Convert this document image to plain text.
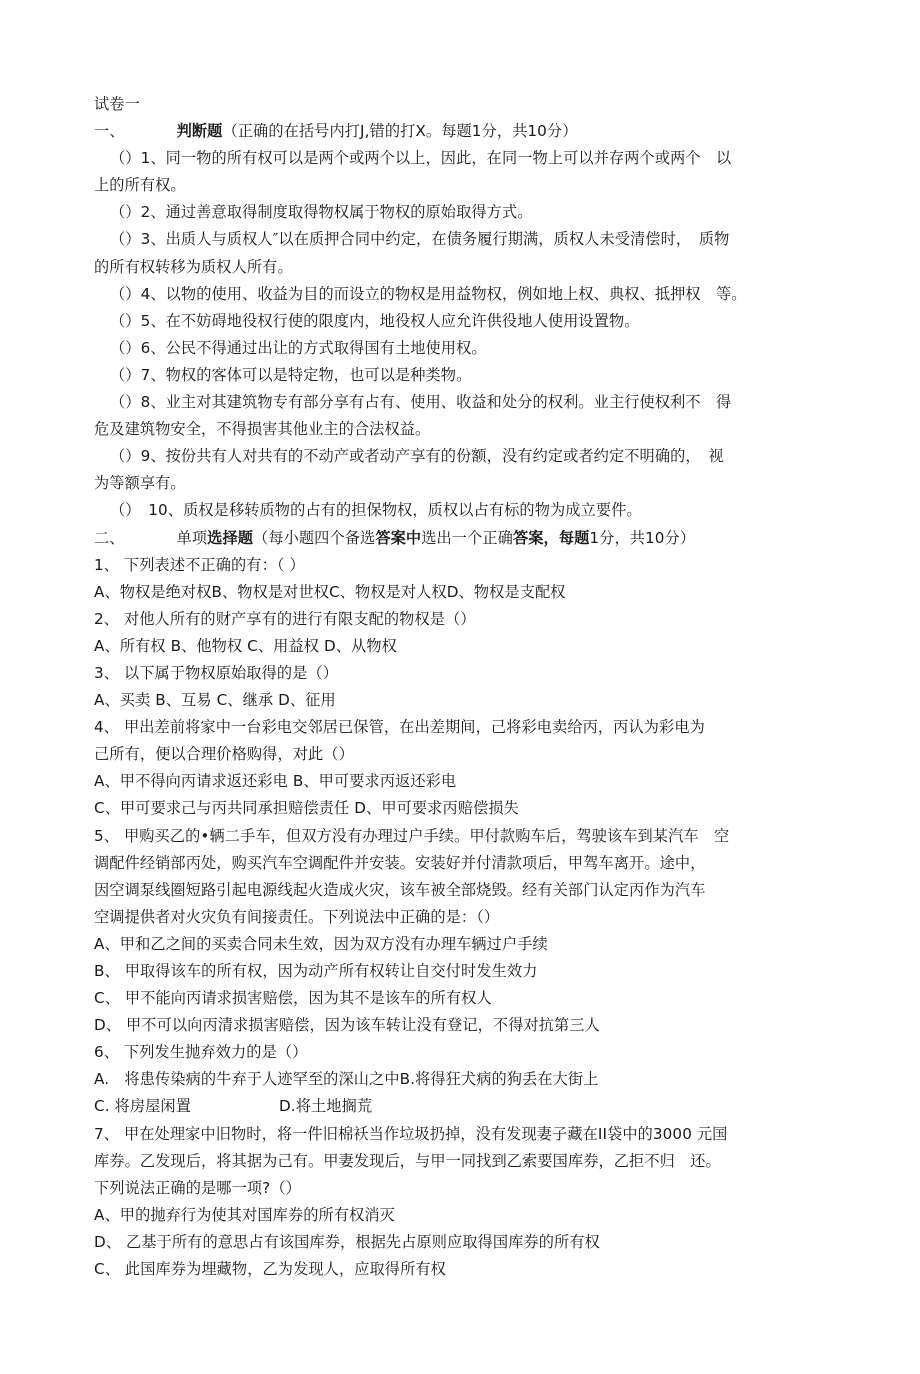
试卷一
一、	判断题（正确的在括号内打J,错的打X。每题1分，共10分）
（）1、同一物的所有权可以是两个或两个以上，因此，在同一物上可以并存两个或两个　以
上的所有权。
（）2、通过善意取得制度取得物权属于物权的原始取得方式。
（）3、出质人与质权人″以在质押合同中约定，在债务履行期满，质权人未受清偿时，　质物
的所有权转移为质权人所有。
（）4、以物的使用、收益为目的而设立的物权是用益物权，例如地上权、典权、抵押权　等。
（）5、在不妨碍地役权行使的限度内，地役权人应允许供役地人使用设置物。
（）6、公民不得通过出让的方式取得国有土地使用权。
（）7、物权的客体可以是特定物，也可以是种类物。
（）8、业主对其建筑物专有部分享有占有、使用、收益和处分的权利。业主行使权利不　得
危及建筑物安全，不得损害其他业主的合法权益。
（）9、按份共有人对共有的不动产或者动产享有的份额，没有约定或者约定不明确的，　视
为等额享有。
（）　10、质权是移转质物的占有的担保物权，质权以占有标的物为成立要件。
二、	单项选择题（每小题四个备选答案中选出一个正确答案，每题1分，共10分）
1、 下列表述不正确的有：（ ）
A、物权是绝对权B、物权是对世权C、物权是对人权D、物权是支配权
2、 对他人所有的财产享有的进行有限支配的物权是（）
A、所有权 B、他物权 C、用益权 D、从物权
3、 以下属于物权原始取得的是（）
A、买卖 B、互易 C、继承 D、征用
4、 甲出差前将家中一台彩电交邻居已保管，在出差期间，己将彩电卖给丙，丙认为彩电为
己所有，便以合理价格购得，对此（）
A、甲不得向丙请求返还彩电 B、甲可要求丙返还彩电
C、甲可要求己与丙共同承担赔偿责任 D、甲可要求丙赔偿损失
5、 甲购买乙的•辆二手车，但双方没有办理过户手续。甲付款购车后，驾驶该车到某汽车　空
调配件经销部丙处，购买汽车空调配件并安装。安装好并付清款项后，甲驾车离开。途中，
因空调泵线圈短路引起电源线起火造成火灾，该车被全部烧毁。经有关部门认定丙作为汽车
空调提供者对火灾负有间接责任。下列说法中正确的是：（）
A、甲和乙之间的买卖合同未生效，因为双方没有办理车辆过户手续
B、 甲取得该车的所有权，因为动产所有权转让自交付时发生效力
C、 甲不能向丙请求损害赔偿，因为其不是该车的所有权人
D、 甲不可以向丙清求损害赔偿，因为该车转让没有登记，不得对抗第三人
6、 下列发生抛弃效力的是（）
A.　将患传染病的牛弃于人迹罕至的深山之中B.将得狂犬病的狗丢在大街上
C. 将房屋闲置	D.将土地搁荒
7、 甲在处理家中旧物时，将一件旧棉袄当作垃圾扔掉，没有发现妻子藏在II袋中的3000 元国
库券。乙发现后，将其据为己有。甲妻发现后，与甲一同找到乙索要国库券，乙拒不归　还。
下列说法正确的是哪一项?（）
A、甲的抛弃行为使其对国库券的所有权消灭
D、 乙基于所有的意思占有该国库券，根据先占原则应取得国库券的所有权
C、 此国库券为埋藏物，乙为发现人，应取得所有权
